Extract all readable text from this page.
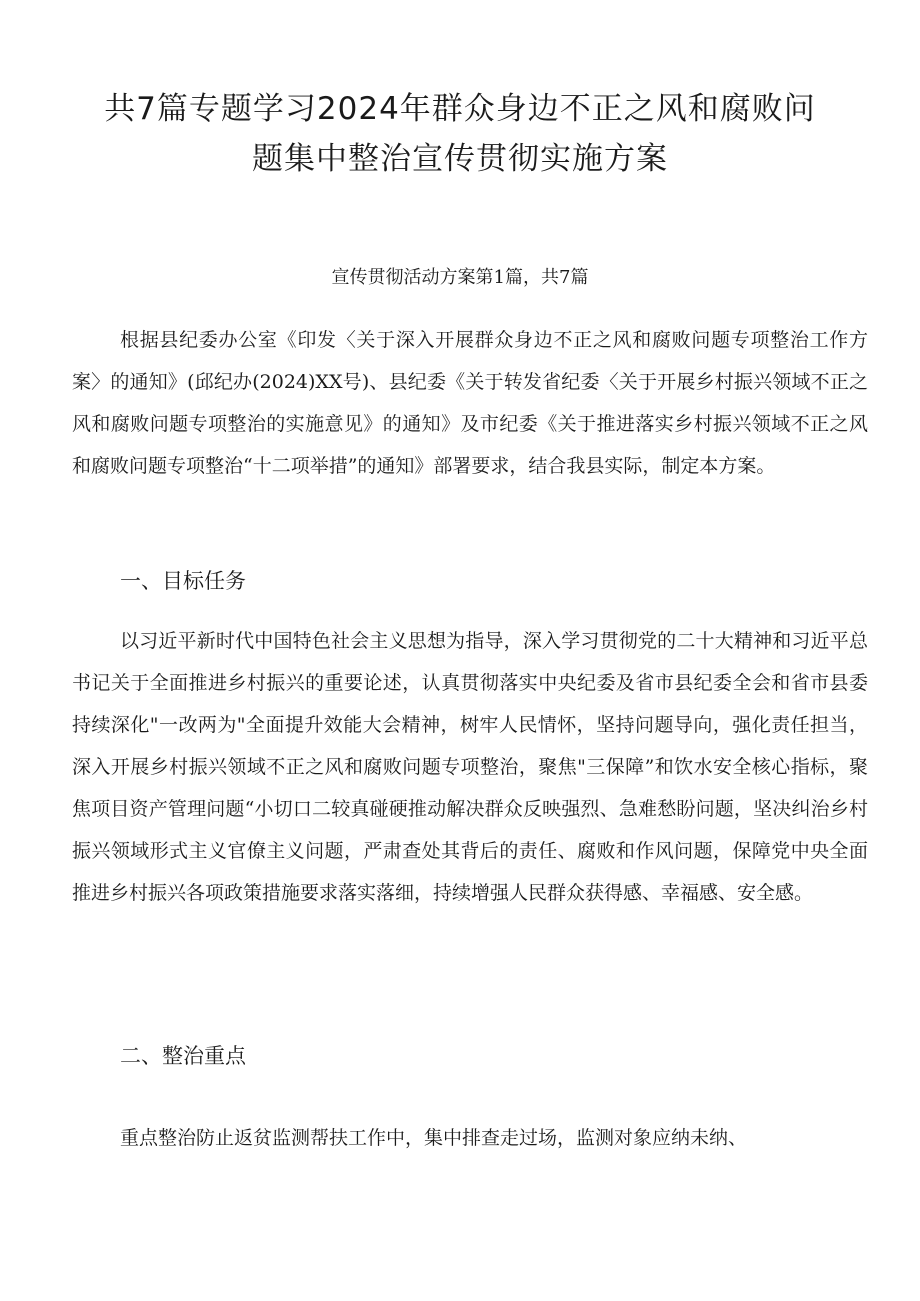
共7篇专题学习2024年群众身边不正之风和腐败问
题集中整治宣传贯彻实施方案

宣传贯彻活动方案第1篇，共7篇

根据县纪委办公室《印发〈关于深入开展群众身边不正之风和腐败问题专项整治工作方案〉的通知》(邱纪办(2024)XX号)、县纪委《关于转发省纪委〈关于开展乡村振兴领域不正之风和腐败问题专项整治的实施意见》的通知》及市纪委《关于推进落实乡村振兴领域不正之风和腐败问题专项整治“十二项举措”的通知》部署要求，结合我县实际，制定本方案。

一、目标任务

以习近平新时代中国特色社会主义思想为指导，深入学习贯彻党的二十大精神和习近平总书记关于全面推进乡村振兴的重要论述，认真贯彻落实中央纪委及省市县纪委全会和省市县委持续深化"一改两为"全面提升效能大会精神，树牢人民情怀，坚持问题导向，强化责任担当，深入开展乡村振兴领域不正之风和腐败问题专项整治，聚焦"三保障”和饮水安全核心指标，聚焦项目资产管理问题“小切口二较真碰硬推动解决群众反映强烈、急难愁盼问题，坚决纠治乡村振兴领域形式主义官僚主义问题，严肃查处其背后的责任、腐败和作风问题，保障党中央全面推进乡村振兴各项政策措施要求落实落细，持续增强人民群众获得感、幸福感、安全感。

二、整治重点

重点整治防止返贫监测帮扶工作中，集中排查走过场，监测对象应纳未纳、
